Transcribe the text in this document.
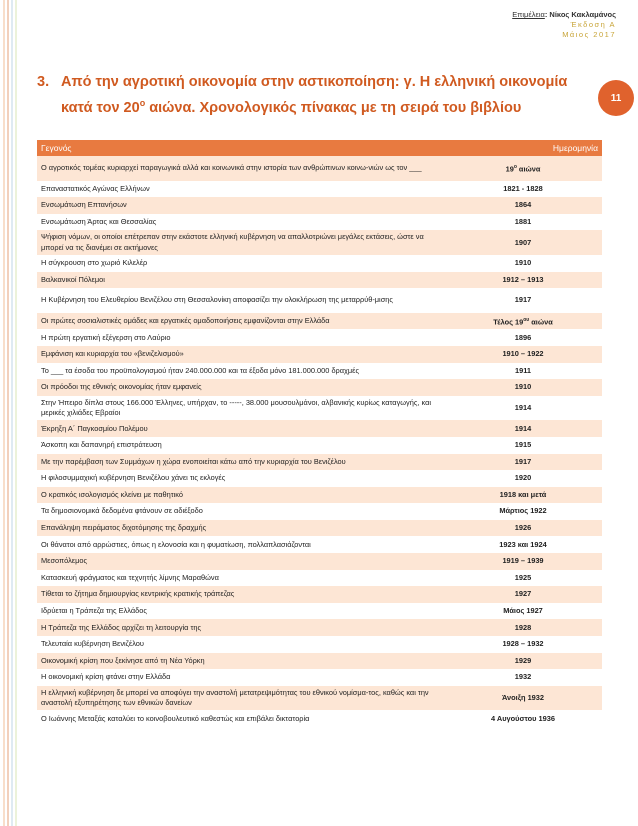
Επιμέλεια: Νίκος Κακλαμάνος
Έκδοση Α
Μάιος 2017
11
3. Από την αγροτική οικονομία στην αστικοποίηση: γ. Η ελληνική οικονομία
κατά τον $20^o$ αιώνα. Χρονολογικός πίνακας με τη σειρά του βιβλίου
Γεγονός	Ημερομηνία
Ο αγροτικός τομέας κυριαρχεί παραγωγικά αλλά και κοινωνικά στην ιστορία των ανθρώπινων κοινω-νιών ως τον ___	$19^o$ αιώνα
Επαναστατικός Αγώνας Ελλήνων	1821 - 1828
Ενσωμάτωση Επτανήσων	1864
Ενσωμάτωση Άρτας και Θεσσαλίας	1881
Ψήφιση νόμων, οι οποίοι επέτρεπαν στην εκάστοτε ελληνική κυβέρνηση να απαλλοτριώνει μεγάλες εκτάσεις, ώστε να μπορεί να τις διανέμει σε ακτήμονες	1907
Η σύγκρουση στο χωριό Κιλελέρ	1910
Βαλκανικοί Πόλεμοι	1912 – 1913
Η Κυβέρνηση του Ελευθερίου Βενιζέλου στη Θεσσαλονίκη αποφασίζει την ολοκλήρωση της μεταρρύθ-μισης	1917
Οι πρώτες σοσιαλιστικές ομάδες και εργατικές ομαδοποιήσεις εμφανίζονται στην Ελλάδα	Τέλος $19^{o\upsilon}$ αιώνα
Η πρώτη εργατική εξέγερση στο Λαύριο	1896
Εμφάνιση και κυριαρχία του «βενιζελισμού»	1910 – 1922
Το ___ τα έσοδα του προϋπολογισμού ήταν 240.000.000 και τα έξοδα μόνο 181.000.000 δραχμές	1911
Οι πρόοδοι της εθνικής οικονομίας ήταν εμφανείς	1910
Στην Ήπειρο δίπλα στους 166.000 Έλληνες, υπήρχαν, το -----, 38.000 μουσουλμάνοι, αλβανικής κυρίως καταγωγής, και μερικές χιλιάδες Εβραίοι	1914
Έκρηξη Α΄ Παγκοσμίου Πολέμου	1914
Άσκοπη και δαπανηρή επιστράτευση	1915
Με την παρέμβαση των Συμμάχων η χώρα ενοποιείται κάτω από την κυριαρχία του Βενιζέλου	1917
Η φιλοσυμμαχική κυβέρνηση Βενιζέλου χάνει τις εκλογές	1920
Ο κρατικός ισολογισμός κλείνει με παθητικό	1918 και μετά
Τα δημοσιονομικά δεδομένα φτάνουν σε αδιέξοδο	Μάρτιος 1922
Επανάληψη πειράματος διχοτόμησης της δραχμής	1926
Οι θάνατοι από αρρώστιες, όπως η ελονοσία και η φυματίωση, πολλαπλασιάζονται	1923 και 1924
Μεσοπόλεμος	1919 – 1939
Κατασκευή φράγματος και τεχνητής λίμνης Μαραθώνα	1925
Τίθεται το ζήτημα δημιουργίας κεντρικής κρατικής τράπεζας	1927
Ιδρύεται η Τράπεζα της Ελλάδος	Μάιος 1927
Η Τράπεζα της Ελλάδος αρχίζει τη λειτουργία της	1928
Τελευταία κυβέρνηση Βενιζέλου	1928 – 1932
Οικονομική κρίση που ξεκίνησε από τη Νέα Υόρκη	1929
Η οικονομική κρίση φτάνει στην Ελλάδα	1932
Η ελληνική κυβέρνηση δε μπορεί να αποφύγει την αναστολή μετατρεψιμότητας του εθνικού νομίσμα-τος, καθώς και την αναστολή εξυπηρέτησης των εθνικών δανείων	Άνοιξη 1932
Ο Ιωάννης Μεταξάς καταλύει το κοινοβουλευτικό καθεστώς και επιβάλει δικτατορία	4 Αυγούστου 1936
